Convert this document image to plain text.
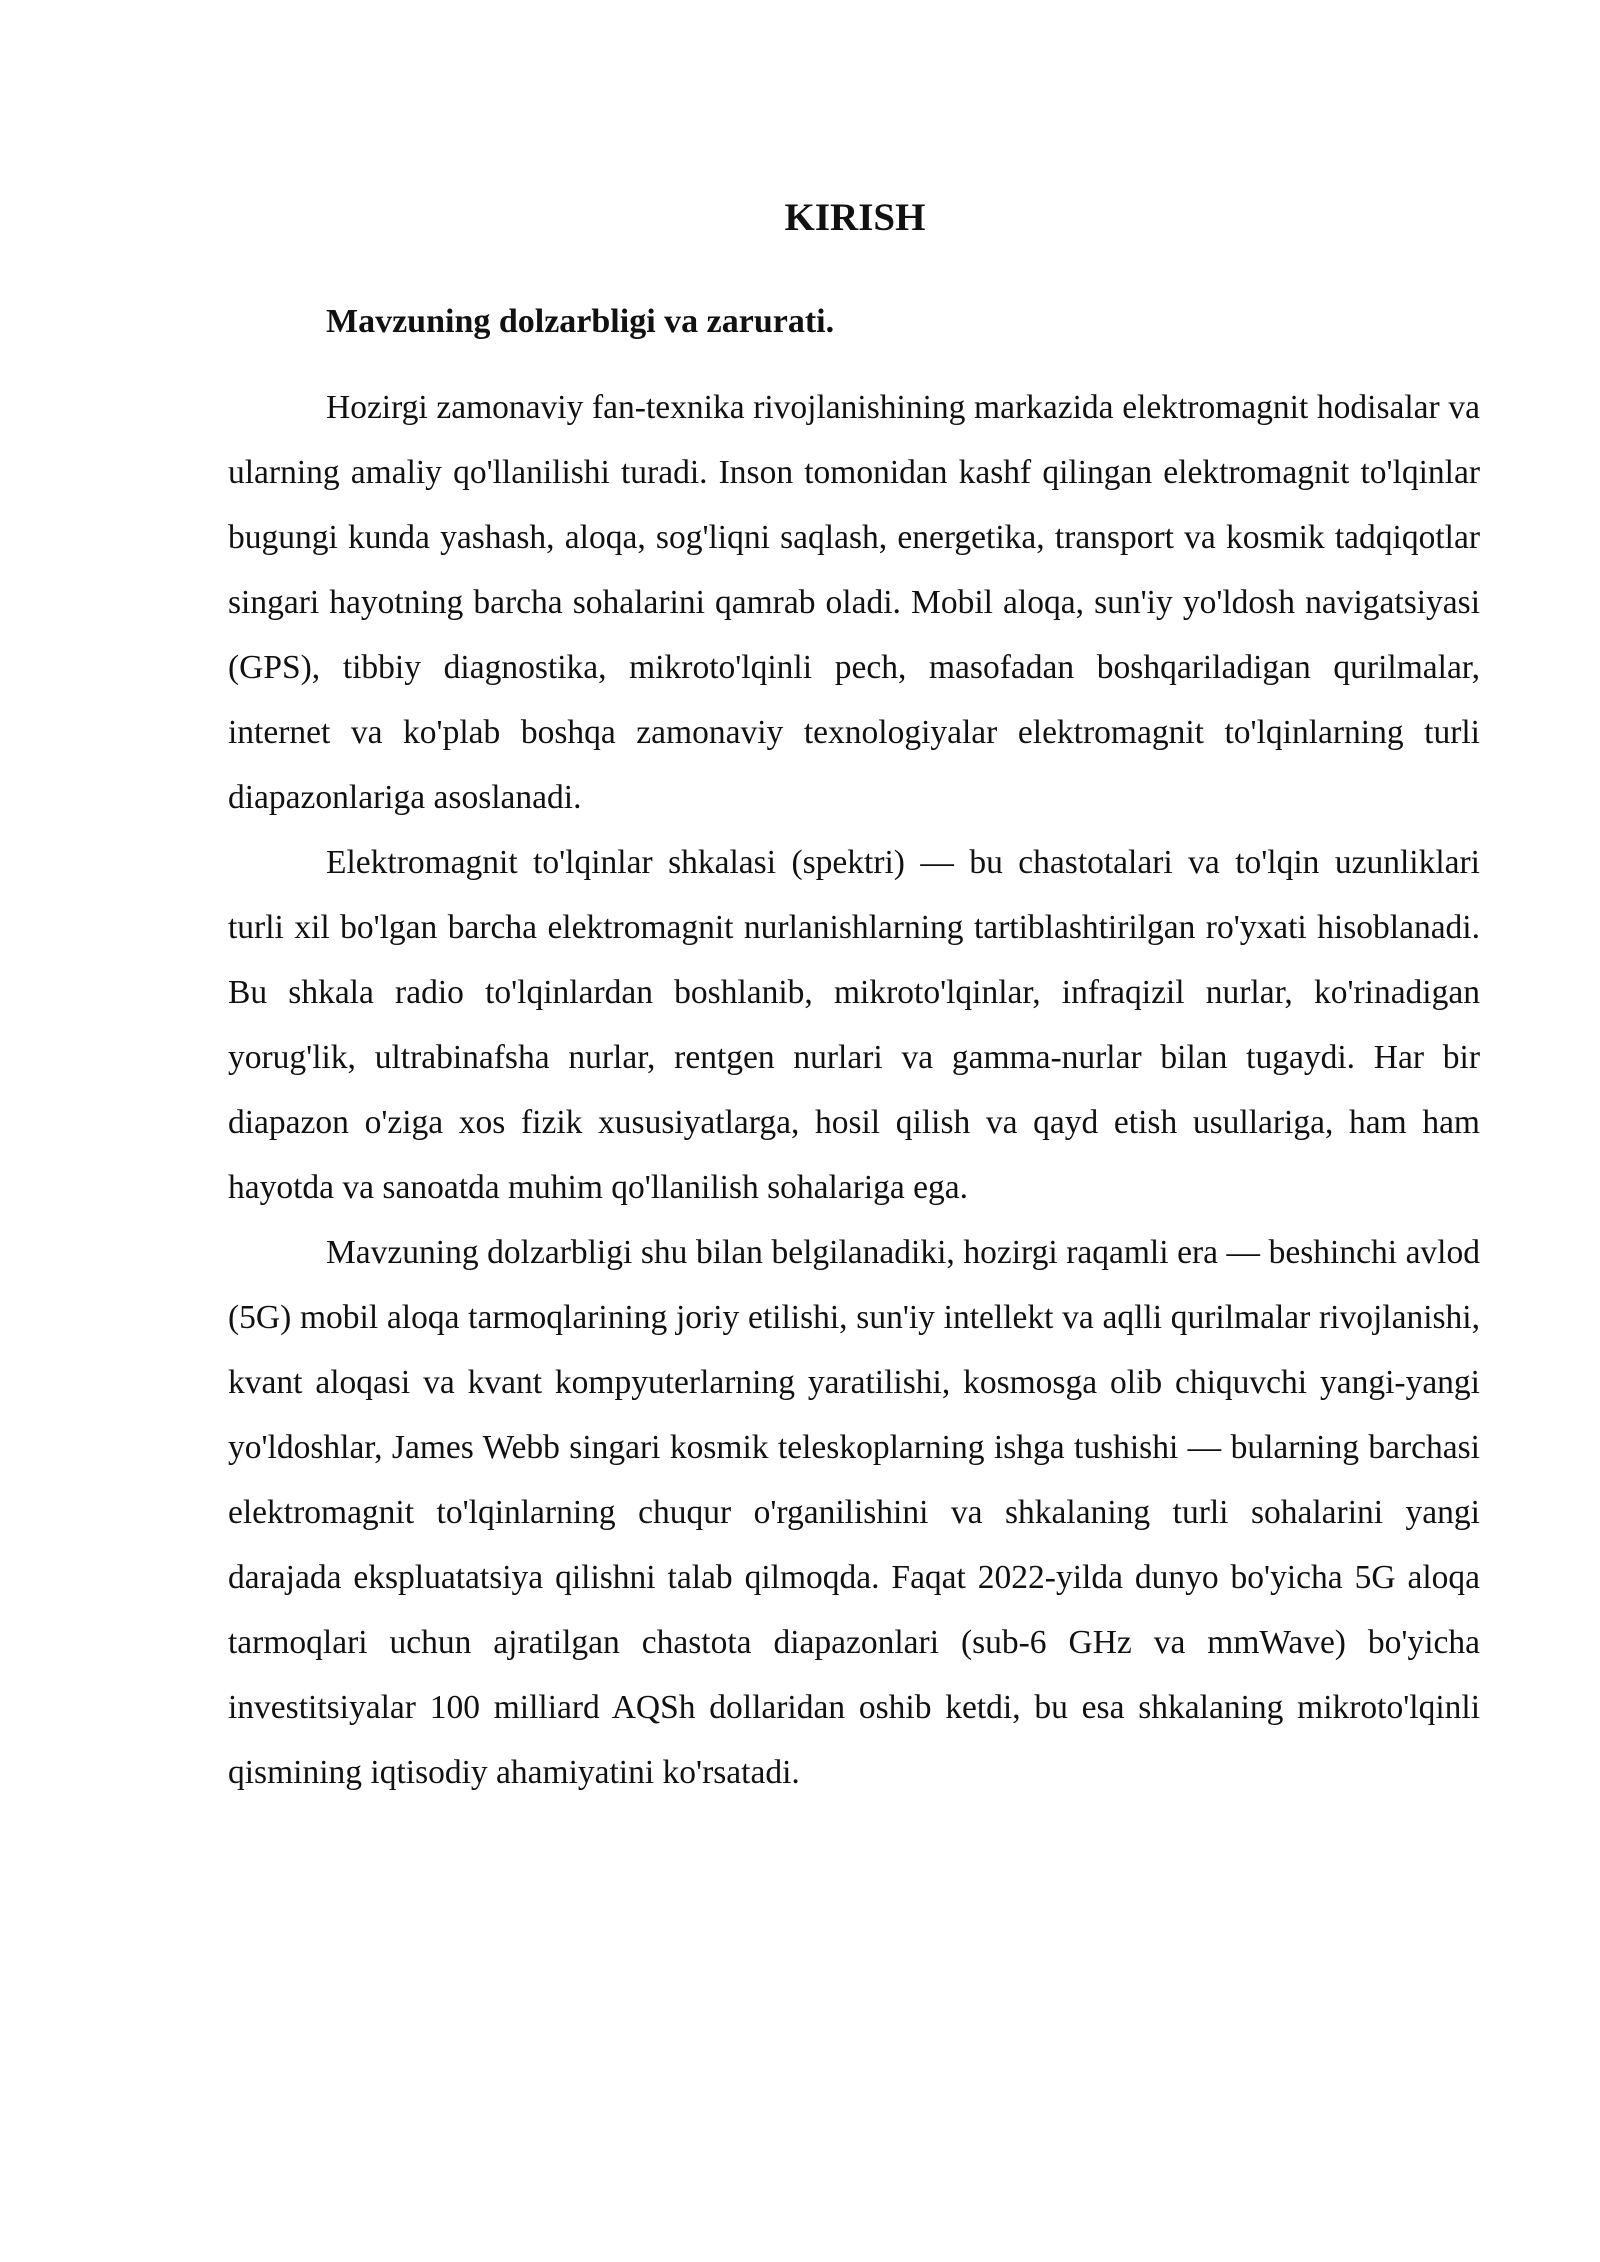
KIRISH
Mavzuning dolzarbligi va zarurati.

Hozirgi zamonaviy fan-texnika rivojlanishining markazida elektromagnit hodisalar va ularning amaliy qo'llanilishi turadi. Inson tomonidan kashf qilingan elektromagnit to'lqinlar bugungi kunda yashash, aloqa, sog'liqni saqlash, energetika, transport va kosmik tadqiqotlar singari hayotning barcha sohalarini qamrab oladi. Mobil aloqa, sun'iy yo'ldosh navigatsiyasi (GPS), tibbiy diagnostika, mikroto'lqinli pech, masofadan boshqariladigan qurilmalar, internet va ko'plab boshqa zamonaviy texnologiyalar elektromagnit to'lqinlarning turli diapazonlariga asoslanadi.

Elektromagnit to'lqinlar shkalasi (spektri) — bu chastotalari va to'lqin uzunliklari turli xil bo'lgan barcha elektromagnit nurlanishlarning tartiblashtirilgan ro'yxati hisoblanadi. Bu shkala radio to'lqinlardan boshlanib, mikroto'lqinlar, infraqizil nurlar, ko'rinadigan yorug'lik, ultrabinafsha nurlar, rentgen nurlari va gamma-nurlar bilan tugaydi. Har bir diapazon o'ziga xos fizik xususiyatlarga, hosil qilish va qayd etish usullariga, ham ham hayotda va sanoatda muhim qo'llanilish sohalariga ega.

Mavzuning dolzarbligi shu bilan belgilanadiki, hozirgi raqamli era — beshinchi avlod (5G) mobil aloqa tarmoqlarining joriy etilishi, sun'iy intellekt va aqlli qurilmalar rivojlanishi, kvant aloqasi va kvant kompyuterlarning yaratilishi, kosmosga olib chiquvchi yangi-yangi yo'ldoshlar, James Webb singari kosmik teleskoplarning ishga tushishi — bularning barchasi elektromagnit to'lqinlarning chuqur o'rganilishini va shkalaning turli sohalarini yangi darajada ekspluatatsiya qilishni talab qilmoqda. Faqat 2022-yilda dunyo bo'yicha 5G aloqa tarmoqlari uchun ajratilgan chastota diapazonlari (sub-6 GHz va mmWave) bo'yicha investitsiyalar 100 milliard AQSh dollaridan oshib ketdi, bu esa shkalaning mikroto'lqinli qismining iqtisodiy ahamiyatini ko'rsatadi.
